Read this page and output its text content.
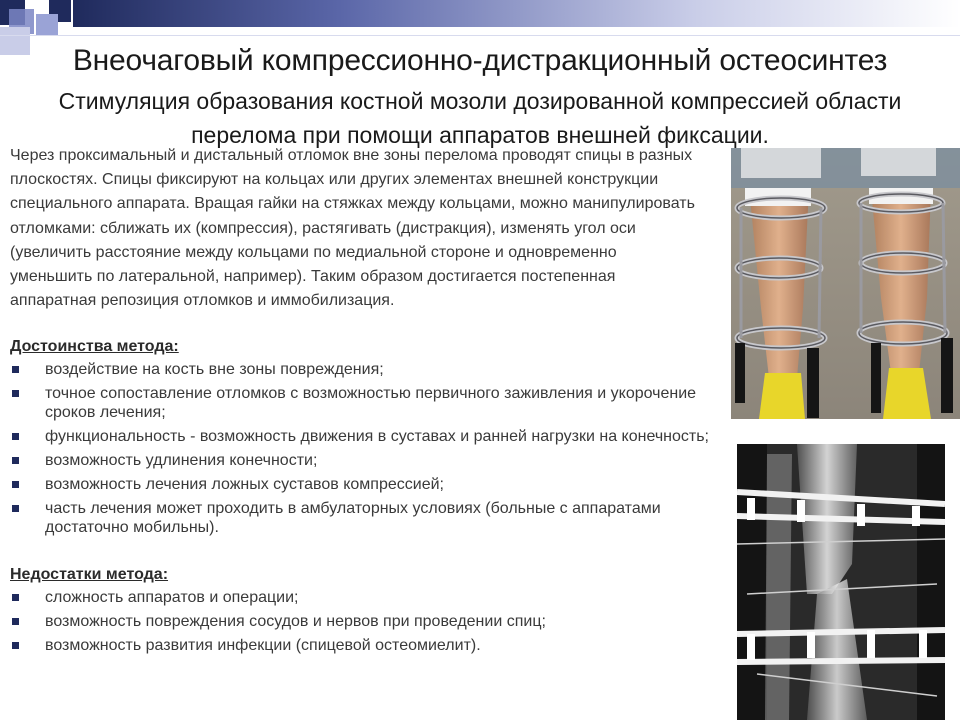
Внеочаговый компрессионно-дистракционный остеосинтез
Стимуляция образования костной мозоли дозированной компрессией области перелома при помощи аппаратов внешней фиксации.
Через проксимальный и дистальный отломок вне зоны перелома проводят спицы в разных плоскостях. Спицы фиксируют на кольцах или других элементах внешней конструкции специального аппарата. Вращая гайки на стяжках между кольцами, можно манипулировать отломками: сближать их (компрессия), растягивать (дистракция), изменять угол оси (увеличить расстояние между кольцами по медиальной стороне и одновременно уменьшить по латеральной, например). Таким образом достигается постепенная аппаратная репозиция отломков и иммобилизация.
Достоинства метода:
воздействие на кость вне зоны повреждения;
точное сопоставление отломков с возможностью первичного заживления и укорочение сроков лечения;
функциональность - возможность движения в суставах и ранней нагрузки на конечность;
возможность удлинения конечности;
возможность лечения ложных суставов компрессией;
часть лечения может проходить в амбулаторных условиях (больные с аппаратами достаточно мобильны).
Недостатки метода:
сложность аппаратов и операции;
возможность повреждения сосудов и нервов при проведении спиц;
возможность развития инфекции (спицевой остеомиелит).
